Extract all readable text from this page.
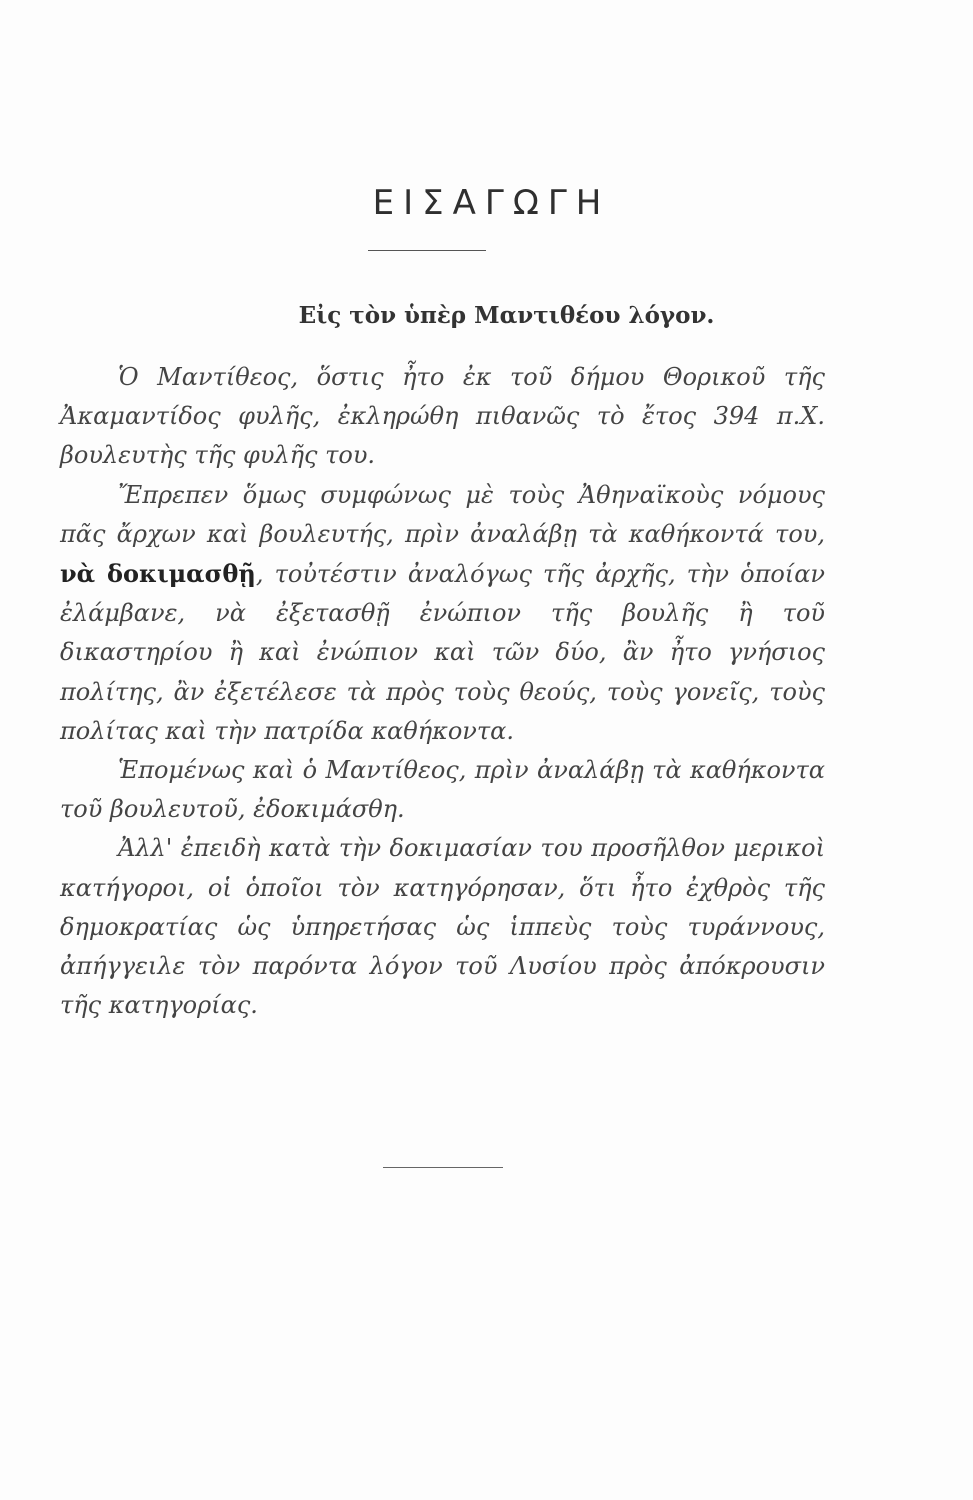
ΕΙΣΑΓΩΓΗ
Εἰς τὸν ὑπὲρ Μαντιθέου λόγον.

Ὁ Μαντίθεος, ὅστις ἦτο ἐκ τοῦ δήμου Θορικοῦ τῆς Ἀκαμαντίδος φυλῆς, ἐκληρώθη πιθανῶς τὸ ἔτος 394 π.Χ. βουλευτὴς τῆς φυλῆς του.

Ἔπρεπεν ὅμως συμφώνως μὲ τοὺς Ἀθηναϊκοὺς νόμους πᾶς ἄρχων καὶ βουλευτής, πρὶν ἀναλάβῃ τὰ καθήκοντά του, νὰ δοκιμασθῇ, τοὐτέστιν ἀναλόγως τῆς ἀρχῆς, τὴν ὁποίαν ἐλάμβανε, νὰ ἐξετασθῇ ἐνώπιον τῆς βουλῆς ἢ τοῦ δικαστηρίου ἢ καὶ ἐνώπιον καὶ τῶν δύο, ἂν ἦτο γνήσιος πολίτης, ἂν ἐξετέλεσε τὰ πρὸς τοὺς θεούς, τοὺς γονεῖς, τοὺς πολίτας καὶ τὴν πατρίδα καθήκοντα.

Ἑπομένως καὶ ὁ Μαντίθεος, πρὶν ἀναλάβῃ τὰ καθήκοντα τοῦ βουλευτοῦ, ἐδοκιμάσθη.

Ἀλλ' ἐπειδὴ κατὰ τὴν δοκιμασίαν του προσῆλθον μερικοὶ κατήγοροι, οἱ ὁποῖοι τὸν κατηγόρησαν, ὅτι ἦτο ἐχθρὸς τῆς δημοκρατίας ὡς ὑπηρετήσας ὡς ἱππεὺς τοὺς τυράννους, ἀπήγγειλε τὸν παρόντα λόγον τοῦ Λυσίου πρὸς ἀπόκρουσιν τῆς κατηγορίας.
